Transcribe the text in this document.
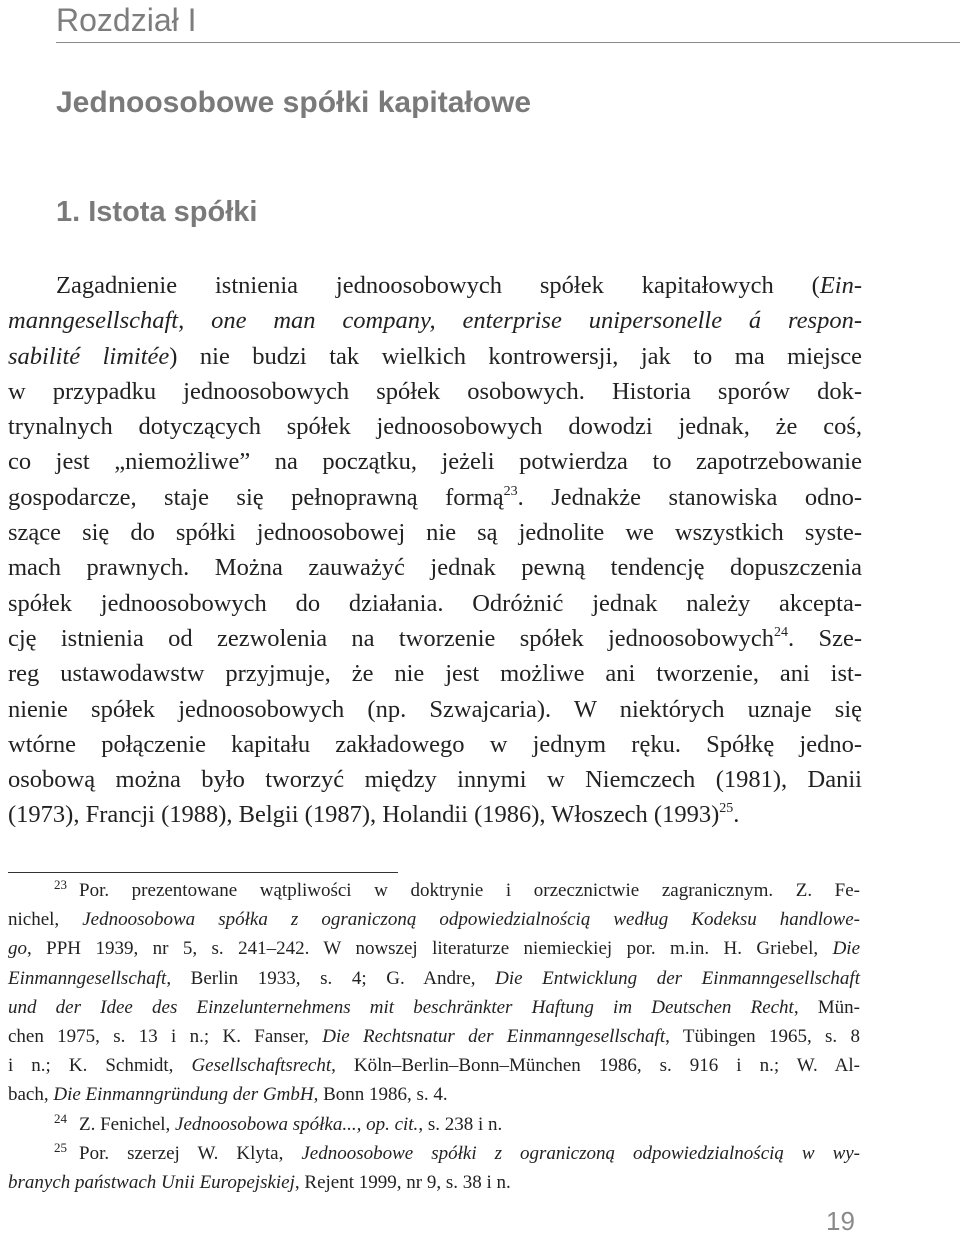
Rozdział I
Jednoosobowe spółki kapitałowe
1. Istota spółki
Zagadnienie istnienia jednoosobowych spółek kapitałowych (Ein-
manngesellschaft, one man company, enterprise unipersonelle á respon-
sabilité limitée) nie budzi tak wielkich kontrowersji, jak to ma miejsce
w przypadku jednoosobowych spółek osobowych. Historia sporów dok-
trynalnych dotyczących spółek jednoosobowych dowodzi jednak, że coś,
co jest „niemożliwe” na początku, jeżeli potwierdza to zapotrzebowanie
gospodarcze, staje się pełnoprawną formą$^{23}$. Jednakże stanowiska odno-
szące się do spółki jednoosobowej nie są jednolite we wszystkich syste-
mach prawnych. Można zauważyć jednak pewną tendencję dopuszczenia
spółek jednoosobowych do działania. Odróżnić jednak należy akcepta-
cję istnienia od zezwolenia na tworzenie spółek jednoosobowych$^{24}$. Sze-
reg ustawodawstw przyjmuje, że nie jest możliwe ani tworzenie, ani ist-
nienie spółek jednoosobowych (np. Szwajcaria). W niektórych uznaje się
wtórne połączenie kapitału zakładowego w jednym ręku. Spółkę jedno-
osobową można było tworzyć między innymi w Niemczech (1981), Danii
(1973), Francji (1988), Belgii (1987), Holandii (1986), Włoszech $(1993)^{25}$.
$^{23}$ Por. prezentowane wątpliwości w doktrynie i orzecznictwie zagranicznym. Z. Fe-
nichel, Jednoosobowa spółka z ograniczoną odpowiedzialnością według Kodeksu handlowe-
go, PPH 1939, nr 5, s. 241–242. W nowszej literaturze niemieckiej por. m.in. H. Griebel, Die
Einmanngesellschaft, Berlin 1933, s. 4; G. Andre, Die Entwicklung der Einmanngesellschaft
und der Idee des Einzelunternehmens mit beschränkter Haftung im Deutschen Recht, Mün-
chen 1975, s. 13 i n.; K. Fanser, Die Rechtsnatur der Einmanngesellschaft, Tübingen 1965, s. 8
i n.; K. Schmidt, Gesellschaftsrecht, Köln–Berlin–Bonn–München 1986, s. 916 i n.; W. Al-
bach, Die Einmanngründung der GmbH, Bonn 1986, s. 4.
$^{24}$ Z. Fenichel, Jednoosobowa spółka..., op. cit., s. 238 i n.
$^{25}$ Por. szerzej W. Klyta, Jednoosobowe spółki z ograniczoną odpowiedzialnością w wy-
branych państwach Unii Europejskiej, Rejent 1999, nr 9, s. 38 i n.
19
